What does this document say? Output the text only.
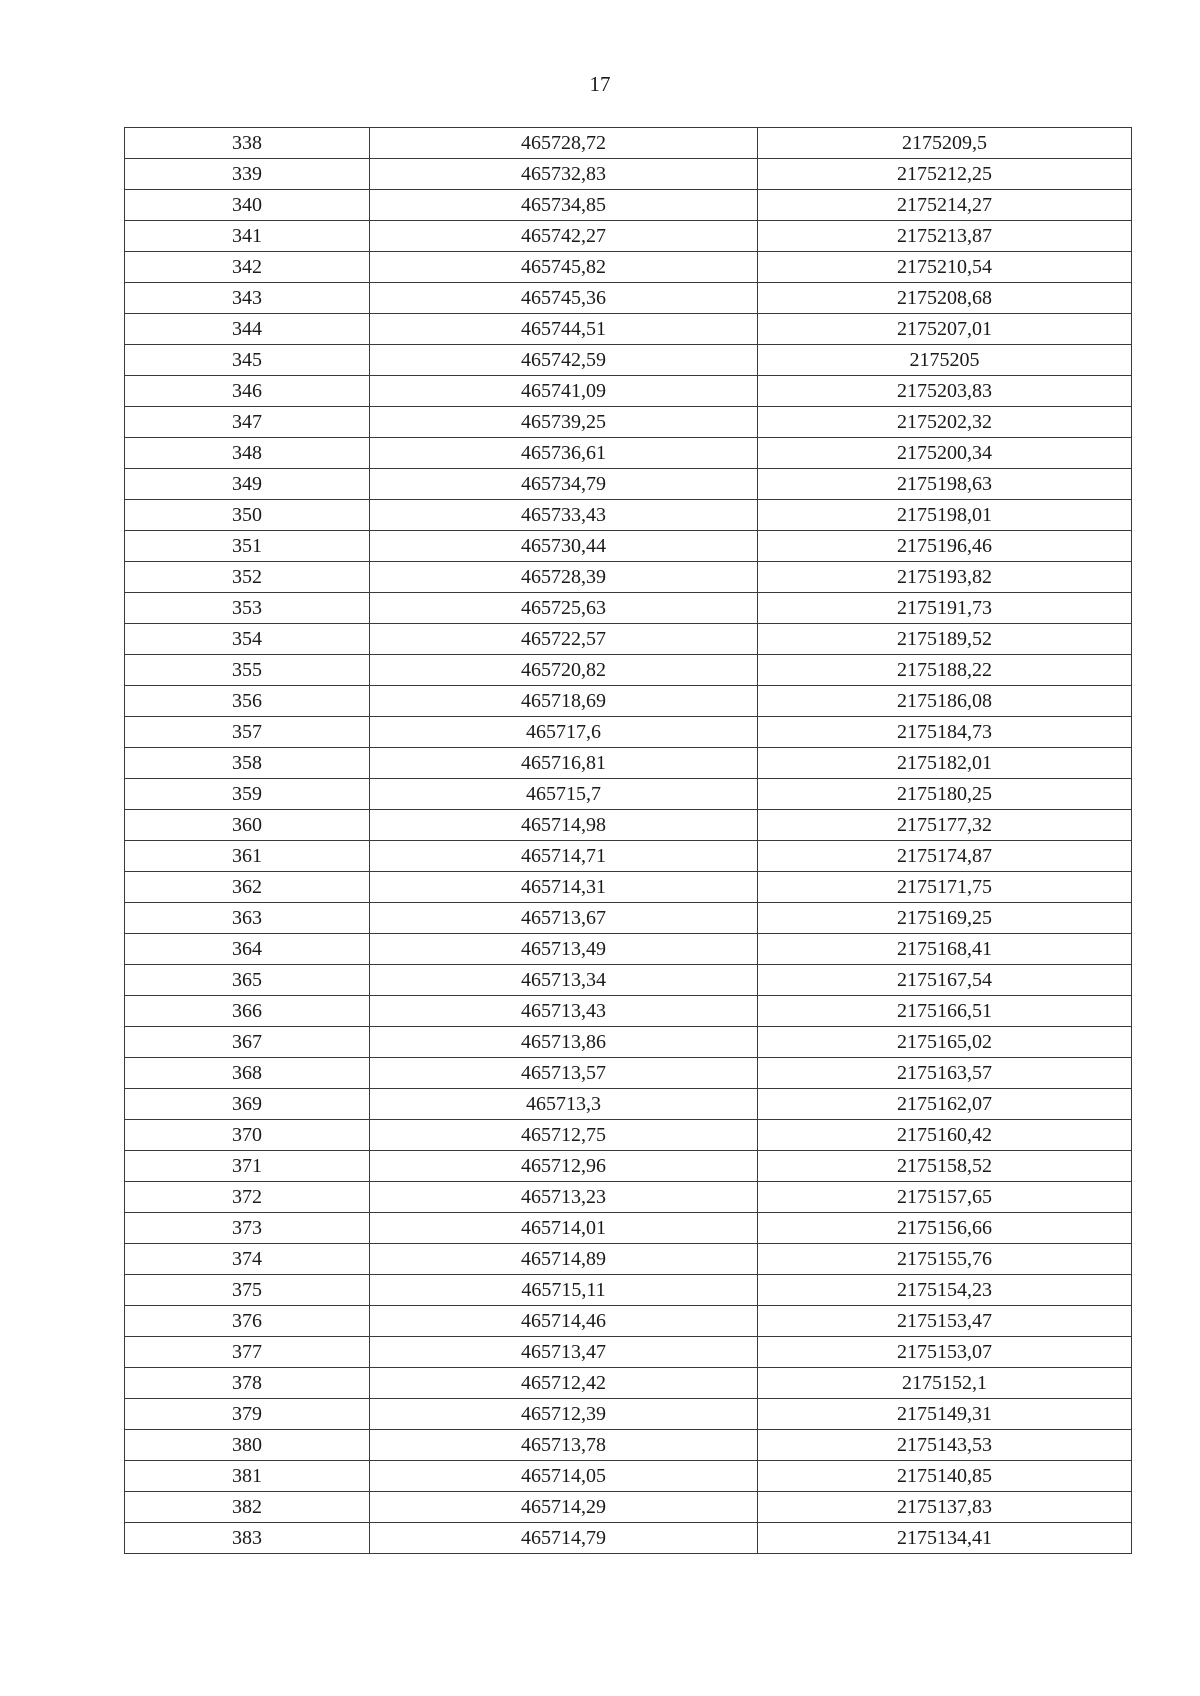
17
338	465728,72	2175209,5
339	465732,83	2175212,25
340	465734,85	2175214,27
341	465742,27	2175213,87
342	465745,82	2175210,54
343	465745,36	2175208,68
344	465744,51	2175207,01
345	465742,59	2175205
346	465741,09	2175203,83
347	465739,25	2175202,32
348	465736,61	2175200,34
349	465734,79	2175198,63
350	465733,43	2175198,01
351	465730,44	2175196,46
352	465728,39	2175193,82
353	465725,63	2175191,73
354	465722,57	2175189,52
355	465720,82	2175188,22
356	465718,69	2175186,08
357	465717,6	2175184,73
358	465716,81	2175182,01
359	465715,7	2175180,25
360	465714,98	2175177,32
361	465714,71	2175174,87
362	465714,31	2175171,75
363	465713,67	2175169,25
364	465713,49	2175168,41
365	465713,34	2175167,54
366	465713,43	2175166,51
367	465713,86	2175165,02
368	465713,57	2175163,57
369	465713,3	2175162,07
370	465712,75	2175160,42
371	465712,96	2175158,52
372	465713,23	2175157,65
373	465714,01	2175156,66
374	465714,89	2175155,76
375	465715,11	2175154,23
376	465714,46	2175153,47
377	465713,47	2175153,07
378	465712,42	2175152,1
379	465712,39	2175149,31
380	465713,78	2175143,53
381	465714,05	2175140,85
382	465714,29	2175137,83
383	465714,79	2175134,41
